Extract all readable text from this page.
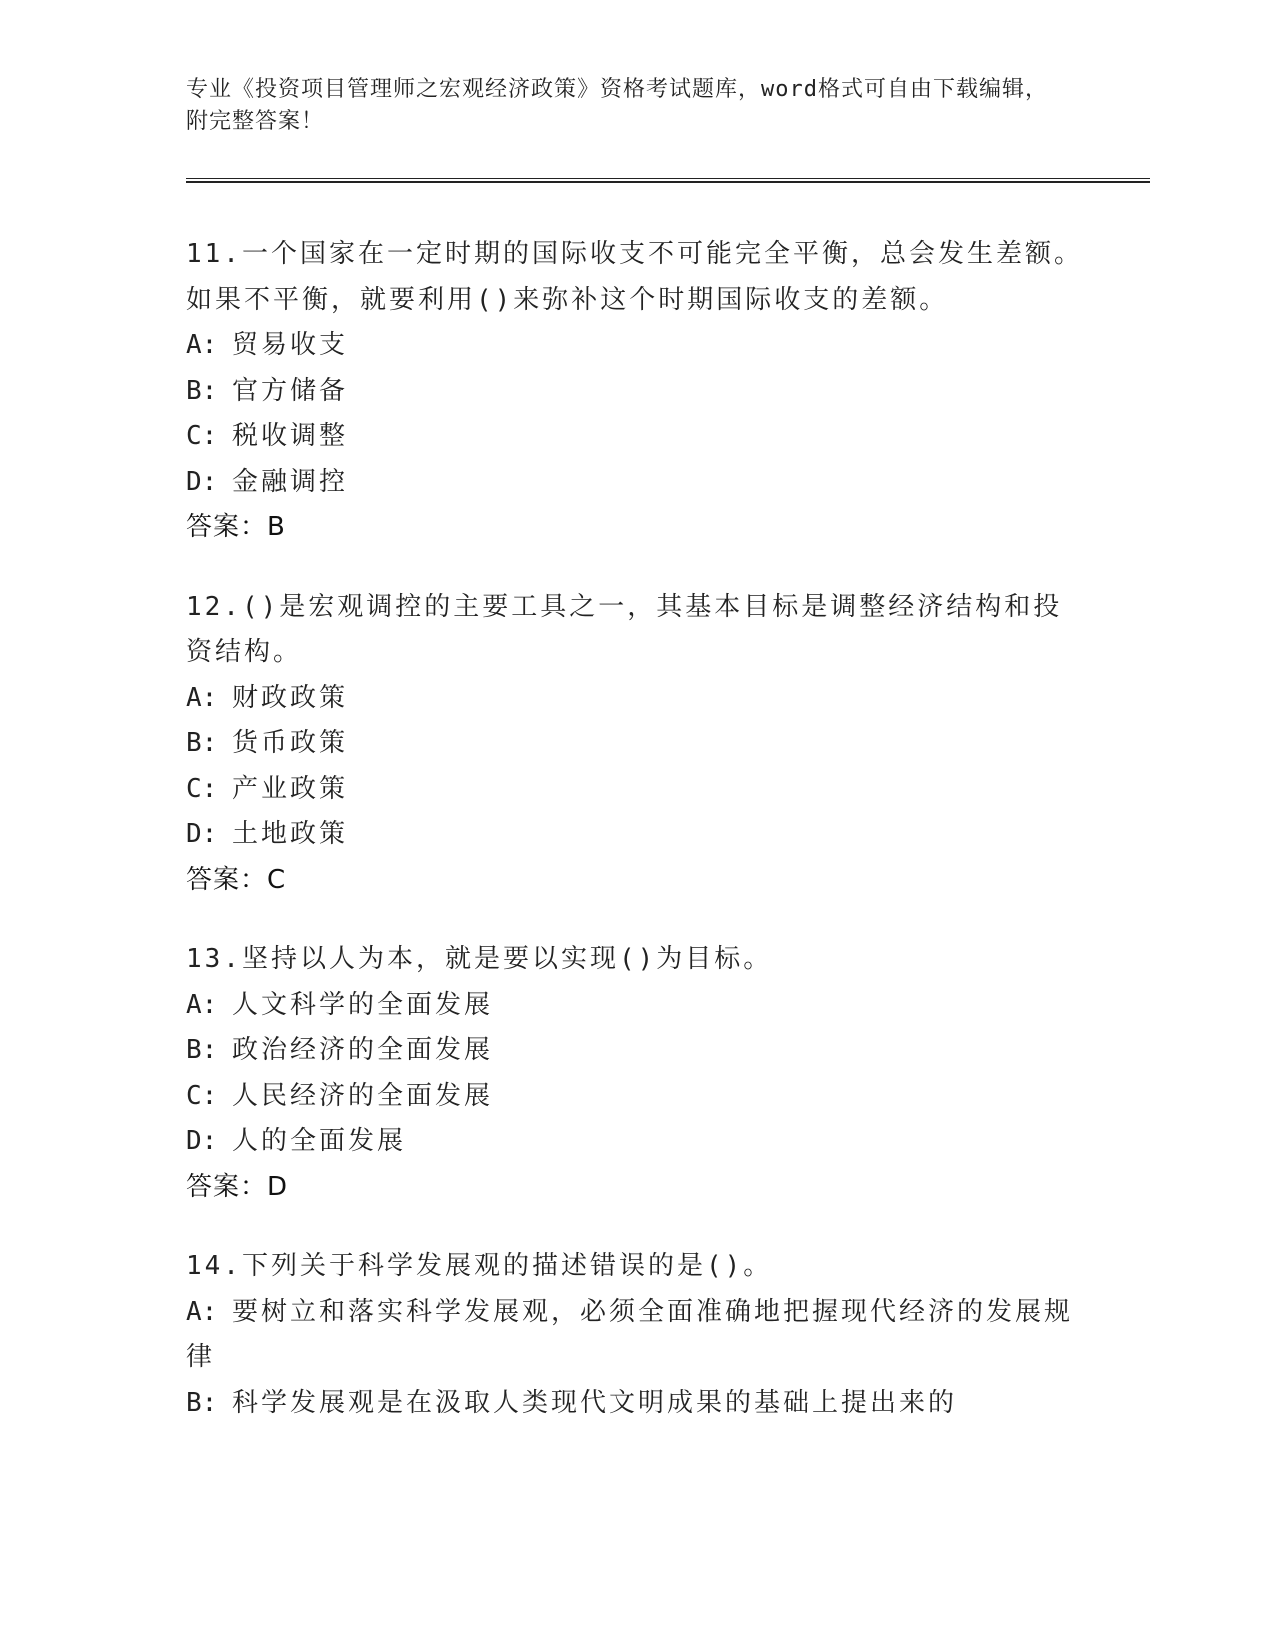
专业《投资项目管理师之宏观经济政策》资格考试题库，word格式可自由下载编辑，附完整答案！
11.一个国家在一定时期的国际收支不可能完全平衡，总会发生差额。如果不平衡，就要利用()来弥补这个时期国际收支的差额。
A: 贸易收支
B: 官方储备
C: 税收调整
D: 金融调控
答案：B
12.()是宏观调控的主要工具之一，其基本目标是调整经济结构和投资结构。
A: 财政政策
B: 货币政策
C: 产业政策
D: 土地政策
答案：C
13.坚持以人为本，就是要以实现()为目标。
A: 人文科学的全面发展
B: 政治经济的全面发展
C: 人民经济的全面发展
D: 人的全面发展
答案：D
14.下列关于科学发展观的描述错误的是()。
A: 要树立和落实科学发展观，必须全面准确地把握现代经济的发展规律
B: 科学发展观是在汲取人类现代文明成果的基础上提出来的
